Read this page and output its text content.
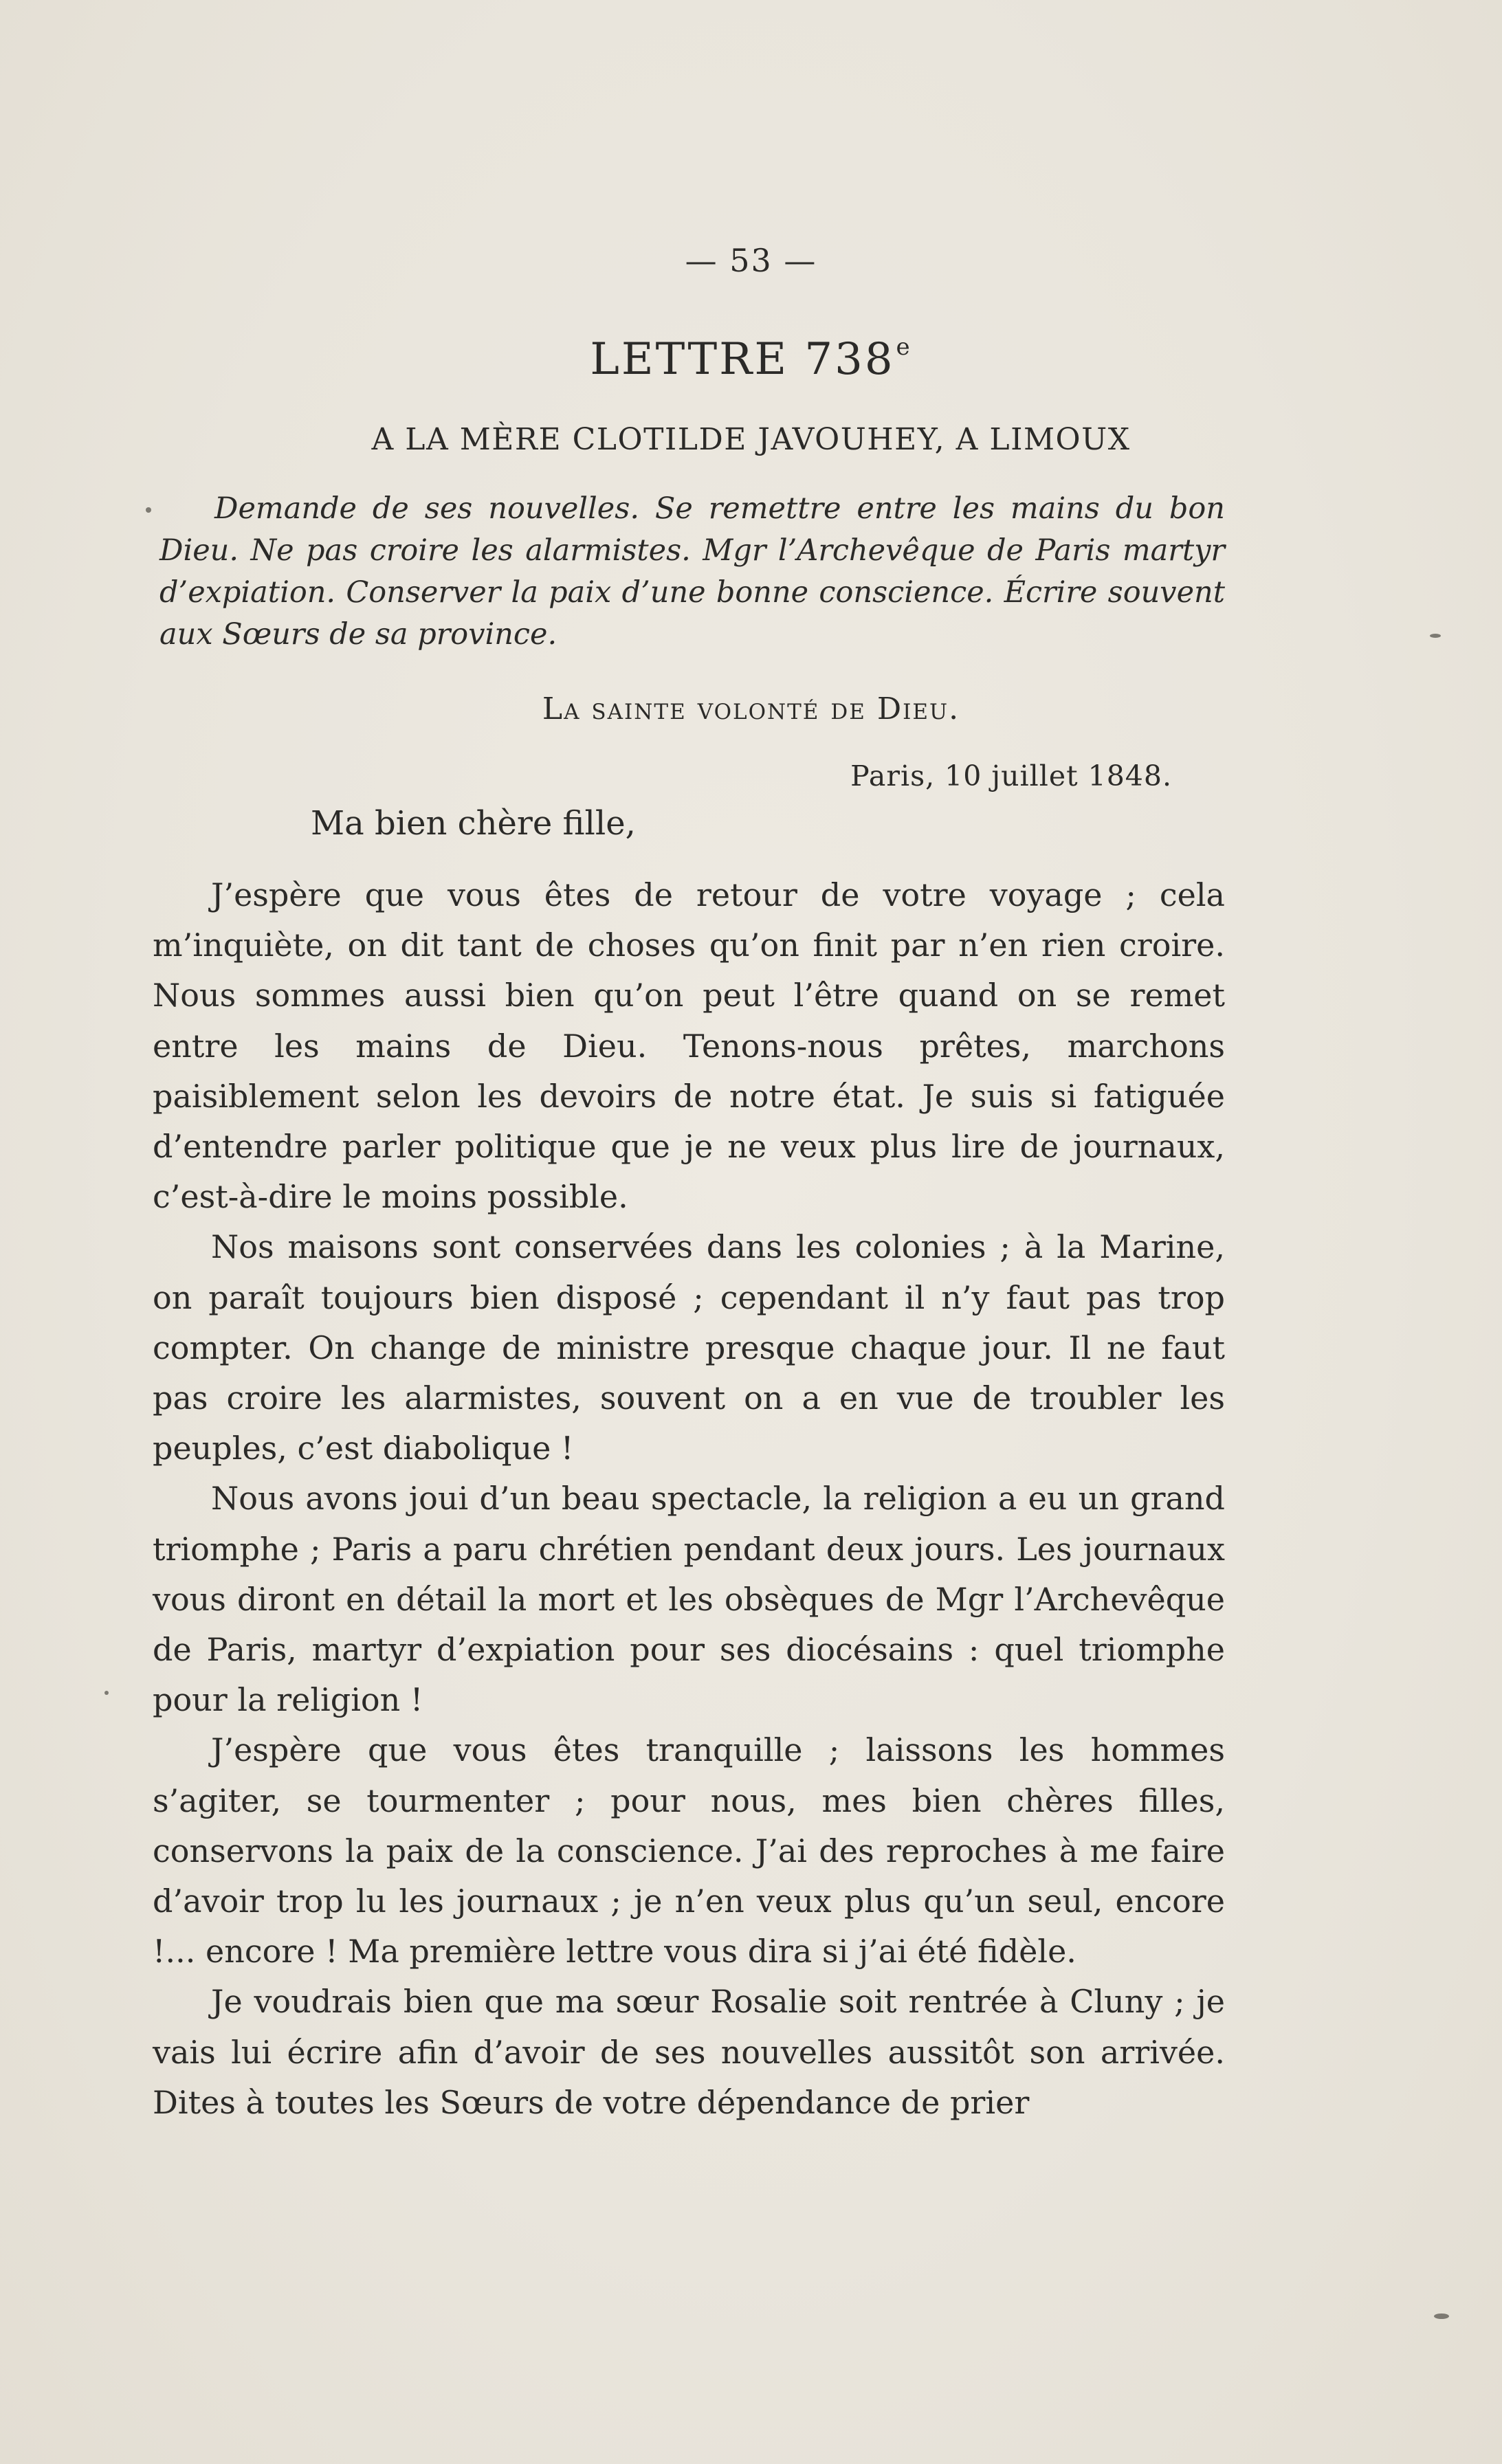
— 53 —
LETTRE 738e
A LA MÈRE CLOTILDE JAVOUHEY, A LIMOUX

Demande de ses nouvelles. Se remettre entre les mains du bon Dieu. Ne pas croire les alarmistes. Mgr l’Archevêque de Paris martyr d’expiation. Conserver la paix d’une bonne conscience. Écrire souvent aux Sœurs de sa province.

La sainte volonté de Dieu.
Paris, 10 juillet 1848.
Ma bien chère fille,

J’espère que vous êtes de retour de votre voyage ; cela m’inquiète, on dit tant de choses qu’on finit par n’en rien croire. Nous sommes aussi bien qu’on peut l’être quand on se remet entre les mains de Dieu. Tenons-nous prêtes, marchons paisiblement selon les devoirs de notre état. Je suis si fatiguée d’entendre parler politique que je ne veux plus lire de journaux, c’est-à-dire le moins possible.

Nos maisons sont conservées dans les colonies ; à la Marine, on paraît toujours bien disposé ; cependant il n’y faut pas trop compter. On change de ministre presque chaque jour. Il ne faut pas croire les alarmistes, souvent on a en vue de troubler les peuples, c’est diabolique !

Nous avons joui d’un beau spectacle, la religion a eu un grand triomphe ; Paris a paru chrétien pendant deux jours. Les journaux vous diront en détail la mort et les obsèques de Mgr l’Archevêque de Paris, martyr d’expiation pour ses diocésains : quel triomphe pour la religion !

J’espère que vous êtes tranquille ; laissons les hommes s’agiter, se tourmenter ; pour nous, mes bien chères filles, conservons la paix de la conscience. J’ai des reproches à me faire d’avoir trop lu les journaux ; je n’en veux plus qu’un seul, encore !... encore ! Ma première lettre vous dira si j’ai été fidèle.

Je voudrais bien que ma sœur Rosalie soit rentrée à Cluny ; je vais lui écrire afin d’avoir de ses nouvelles aussitôt son arrivée. Dites à toutes les Sœurs de votre dépendance de prier
